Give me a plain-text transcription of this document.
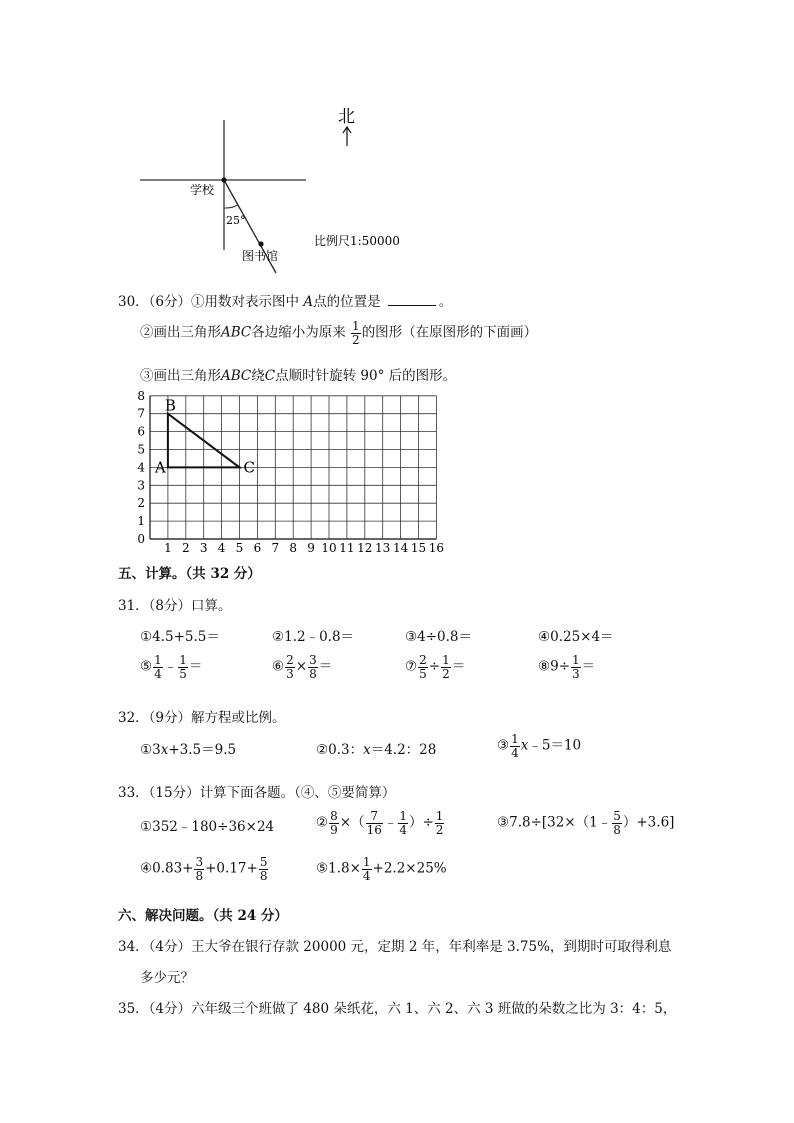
学校
25°
图书馆
比例尺1:50000
北
30．（6分）①用数对表示图中 A点的位置是	。
②画出三角形ABC各边缩小为原来 $\frac{1}{2}$ 的图形（在原图形的下面画）
③画出三角形ABC绕C点顺时针旋转 90° 后的图形。
1 2 3 4 5 6 7 8 9 10 11 12 13 14 15 16
0
1
2
3
4
5
6
7
8
A
B
C
五、计算。（共 32 分）
31．（8分）口算。
①4.5+5.5＝	②1.2﹣0.8＝	③4÷0.8＝	④0.25×4＝
⑤ $\frac{1}{4}$ ﹣ $\frac{1}{5}$ ＝	⑥ $\frac{2}{3} \times \frac{3}{8}$ ＝	⑦ $\frac{2}{5} \div \frac{1}{2}$ ＝	⑧9÷ $\frac{1}{3}$ ＝
32．（9分）解方程或比例。
①3x+3.5＝9.5	②0.3：x＝4.2：28	③ $\frac{1}{4}$ x﹣5＝10
33．（15分）计算下面各题。（④、⑤要简算）
①352﹣180÷36×24	② $\frac{8}{9}$ ×（ $\frac{7}{16}$ ﹣ $\frac{1}{4}$ ）÷ $\frac{1}{2}$	③7.8÷[32×（1﹣ $\frac{5}{8} )+3.6$]
④0.83+ $\frac{3}{8} +0.17+ \frac{5}{8}$	⑤1.8× $\frac{1}{4} +2.2\times 25\%$
六、解决问题。（共 24 分）
34．（4分）王大爷在银行存款 20000 元，定期 2 年，年利率是 3.75%，到期时可取得利息
多少元？
35．（4分）六年级三个班做了 480 朵纸花，六 1、六 2、六 3 班做的朵数之比为 3：4：5，
